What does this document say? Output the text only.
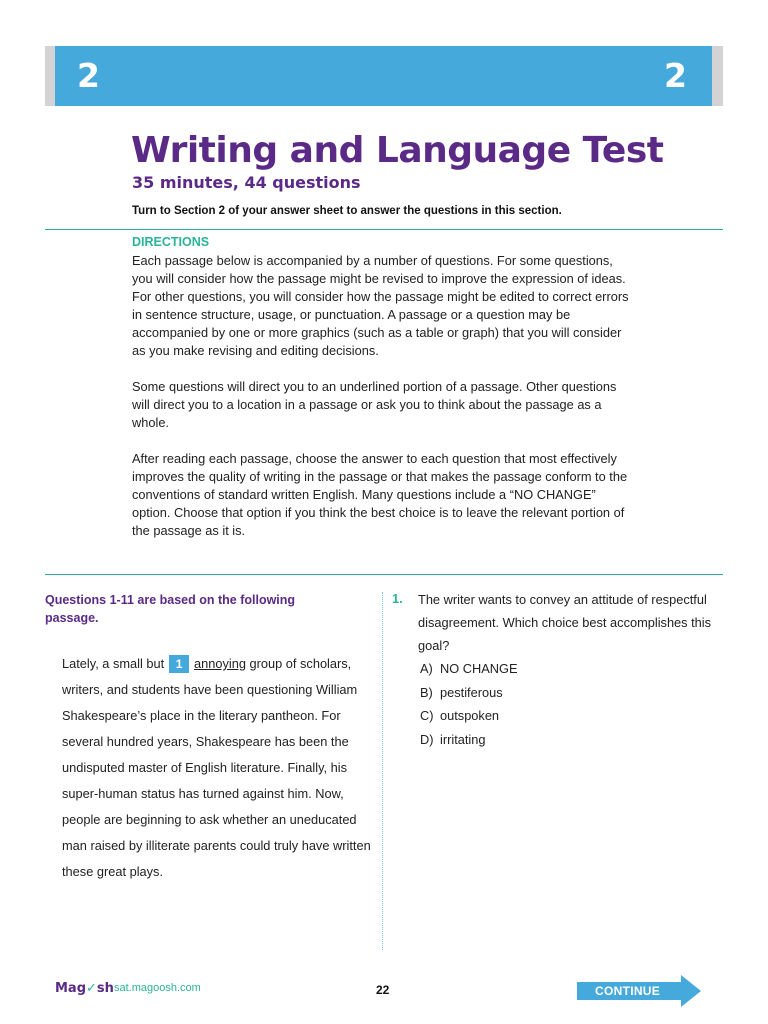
2	2
Writing and Language Test
35 minutes, 44 questions
Turn to Section 2 of your answer sheet to answer the questions in this section.
DIRECTIONS

Each passage below is accompanied by a number of questions. For some questions, you will consider how the passage might be revised to improve the expression of ideas. For other questions, you will consider how the passage might be edited to correct errors in sentence structure, usage, or punctuation. A passage or a question may be accompanied by one or more graphics (such as a table or graph) that you will consider as you make revising and editing decisions.

Some questions will direct you to an underlined portion of a passage. Other questions will direct you to a location in a passage or ask you to think about the passage as a whole.

After reading each passage, choose the answer to each question that most effectively improves the quality of writing in the passage or that makes the passage conform to the conventions of standard written English. Many questions include a “NO CHANGE” option. Choose that option if you think the best choice is to leave the relevant portion of the passage as it is.

Questions 1-11 are based on the following passage.
Lately, a small but 1 annoying group of scholars, writers, and students have been questioning William Shakespeare’s place in the literary pantheon. For several hundred years, Shakespeare has been the undisputed master of English literature. Finally, his super-human status has turned against him. Now, people are beginning to ask whether an uneducated man raised by illiterate parents could truly have written these great plays.
1. The writer wants to convey an attitude of respectful disagreement. Which choice best accomplishes this goal?
A) NO CHANGE
B) pestiferous
C) outspoken
D) irritating
Mag✓sh sat.magoosh.com	22	CONTINUE
